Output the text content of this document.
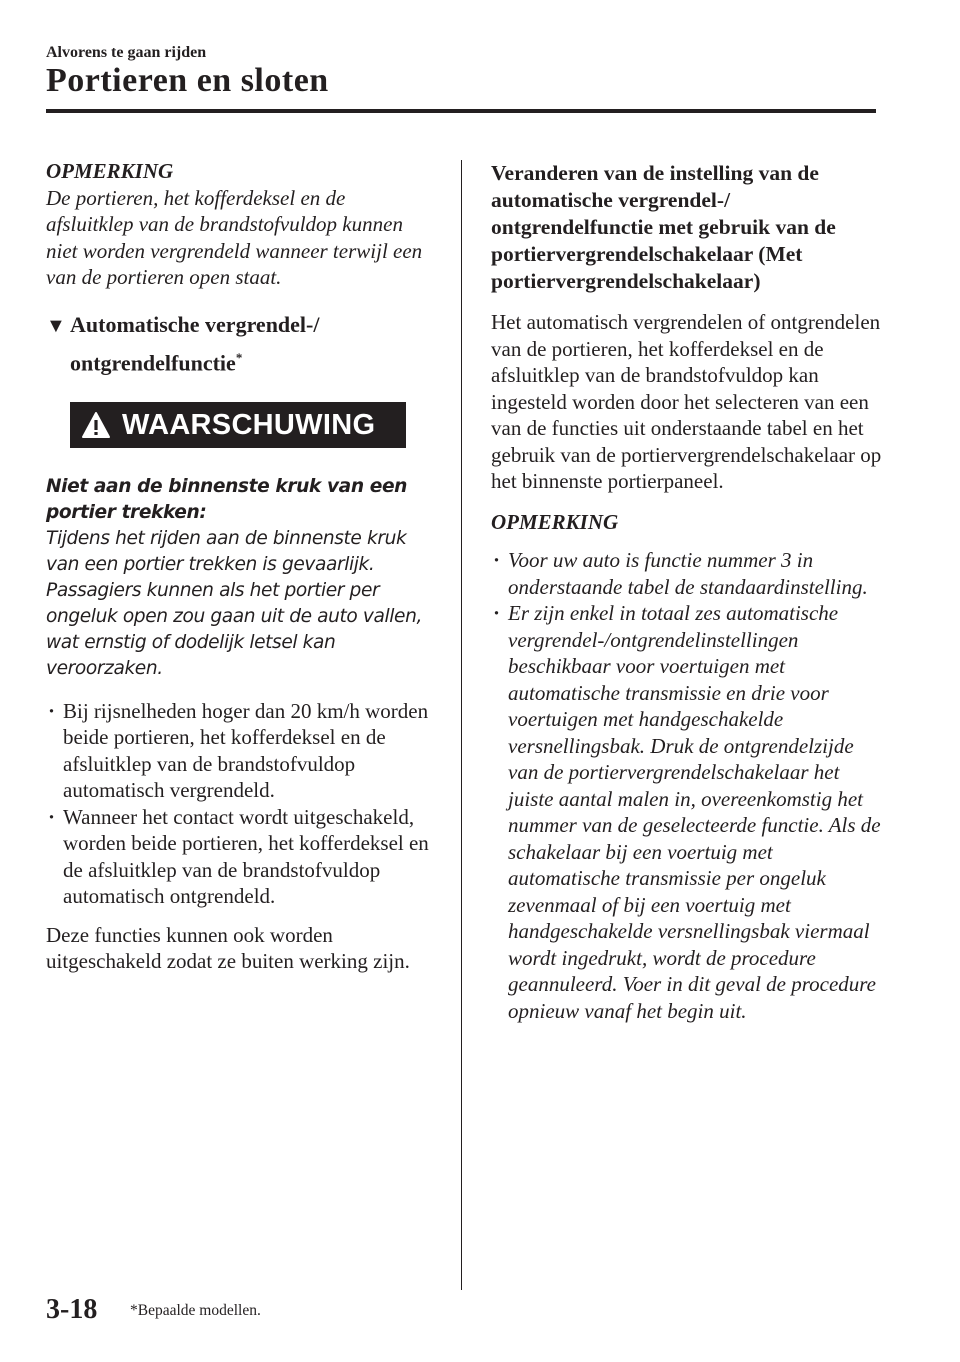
Alvorens te gaan rijden
Portieren en sloten

OPMERKING

De portieren, het kofferdeksel en de afsluitklep van de brandstofvuldop kunnen niet worden vergrendeld wanneer terwijl een van de portieren open staat.

▼ Automatische vergrendel-/ ontgrendelfunctie*

WAARSCHUWING

Niet aan de binnenste kruk van een portier trekken:
Tijdens het rijden aan de binnenste kruk van een portier trekken is gevaarlijk. Passagiers kunnen als het portier per ongeluk open zou gaan uit de auto vallen, wat ernstig of dodelijk letsel kan veroorzaken.

· Bij rijsnelheden hoger dan 20 km/h worden beide portieren, het kofferdeksel en de afsluitklep van de brandstofvuldop automatisch vergrendeld.
· Wanneer het contact wordt uitgeschakeld, worden beide portieren, het kofferdeksel en de afsluitklep van de brandstofvuldop automatisch ontgrendeld.

Deze functies kunnen ook worden uitgeschakeld zodat ze buiten werking zijn.

Veranderen van de instelling van de automatische vergrendel-/ ontgrendelfunctie met gebruik van de portiervergrendelschakelaar (Met portiervergrendelschakelaar)

Het automatisch vergrendelen of ontgrendelen van de portieren, het kofferdeksel en de afsluitklep van de brandstofvuldop kan ingesteld worden door het selecteren van een van de functies uit onderstaande tabel en het gebruik van de portiervergrendelschakelaar op het binnenste portierpaneel.

OPMERKING

· Voor uw auto is functie nummer 3 in onderstaande tabel de standaardinstelling.
· Er zijn enkel in totaal zes automatische vergrendel-/ontgrendelinstellingen beschikbaar voor voertuigen met automatische transmissie en drie voor voertuigen met handgeschakelde versnellingsbak. Druk de ontgrendelzijde van de portiervergrendelschakelaar het juiste aantal malen in, overeenkomstig het nummer van de geselecteerde functie. Als de schakelaar bij een voertuig met automatische transmissie per ongeluk zevenmaal of bij een voertuig met handgeschakelde versnellingsbak viermaal wordt ingedrukt, wordt de procedure geannuleerd. Voer in dit geval de procedure opnieuw vanaf het begin uit.
3-18 *Bepaalde modellen.
